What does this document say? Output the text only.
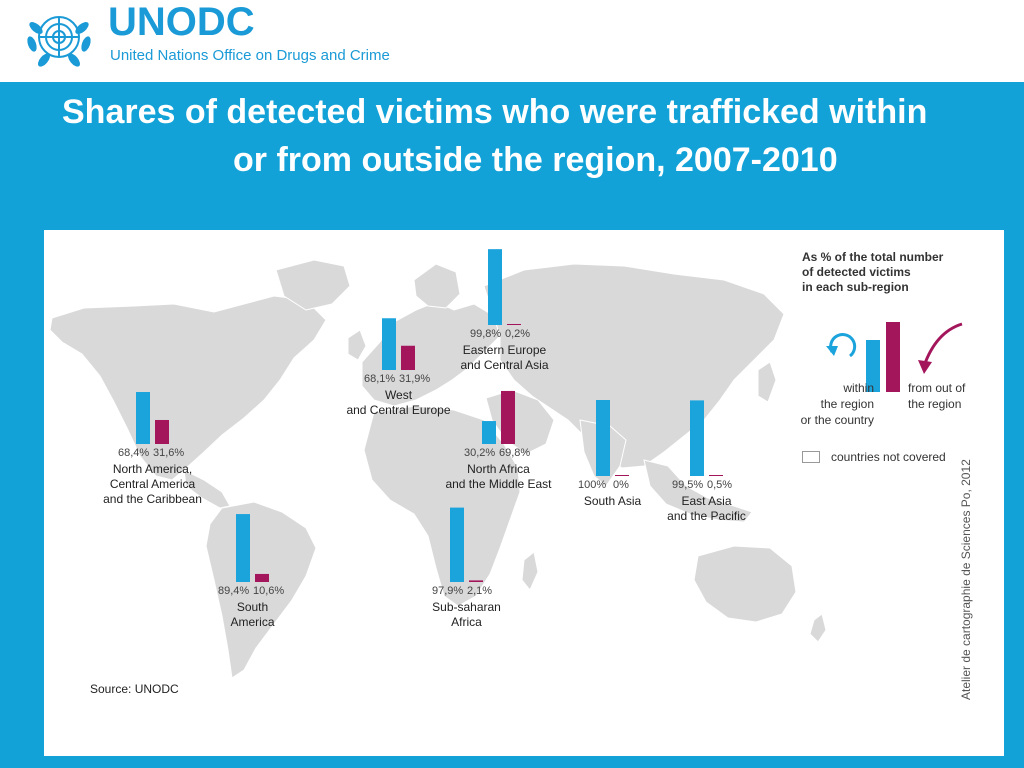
UNODC
United Nations Office on Drugs and Crime
Shares of detected victims who were trafficked within
or from outside the region, 2007-2010
68,1% 31,9%
West
and Central Europe
99,8% 0,2%
Eastern Europe
and Central Asia
68,4% 31,6%
North America,
Central America
and the Caribbean
30,2% 69,8%
North Africa
and the Middle East	100% 0%
South Asia
99,5% 0,5%
East Asia
and the Pacific
89,4% 10,6%
South
America
97,9% 2,1%
Sub-saharan
Africa
As % of the total number
of detected victims
in each sub-region
within
the region
or the country
from out of
the region
countries not covered
Source: UNODC	Atelier de cartographie de Sciences Po, 2012
